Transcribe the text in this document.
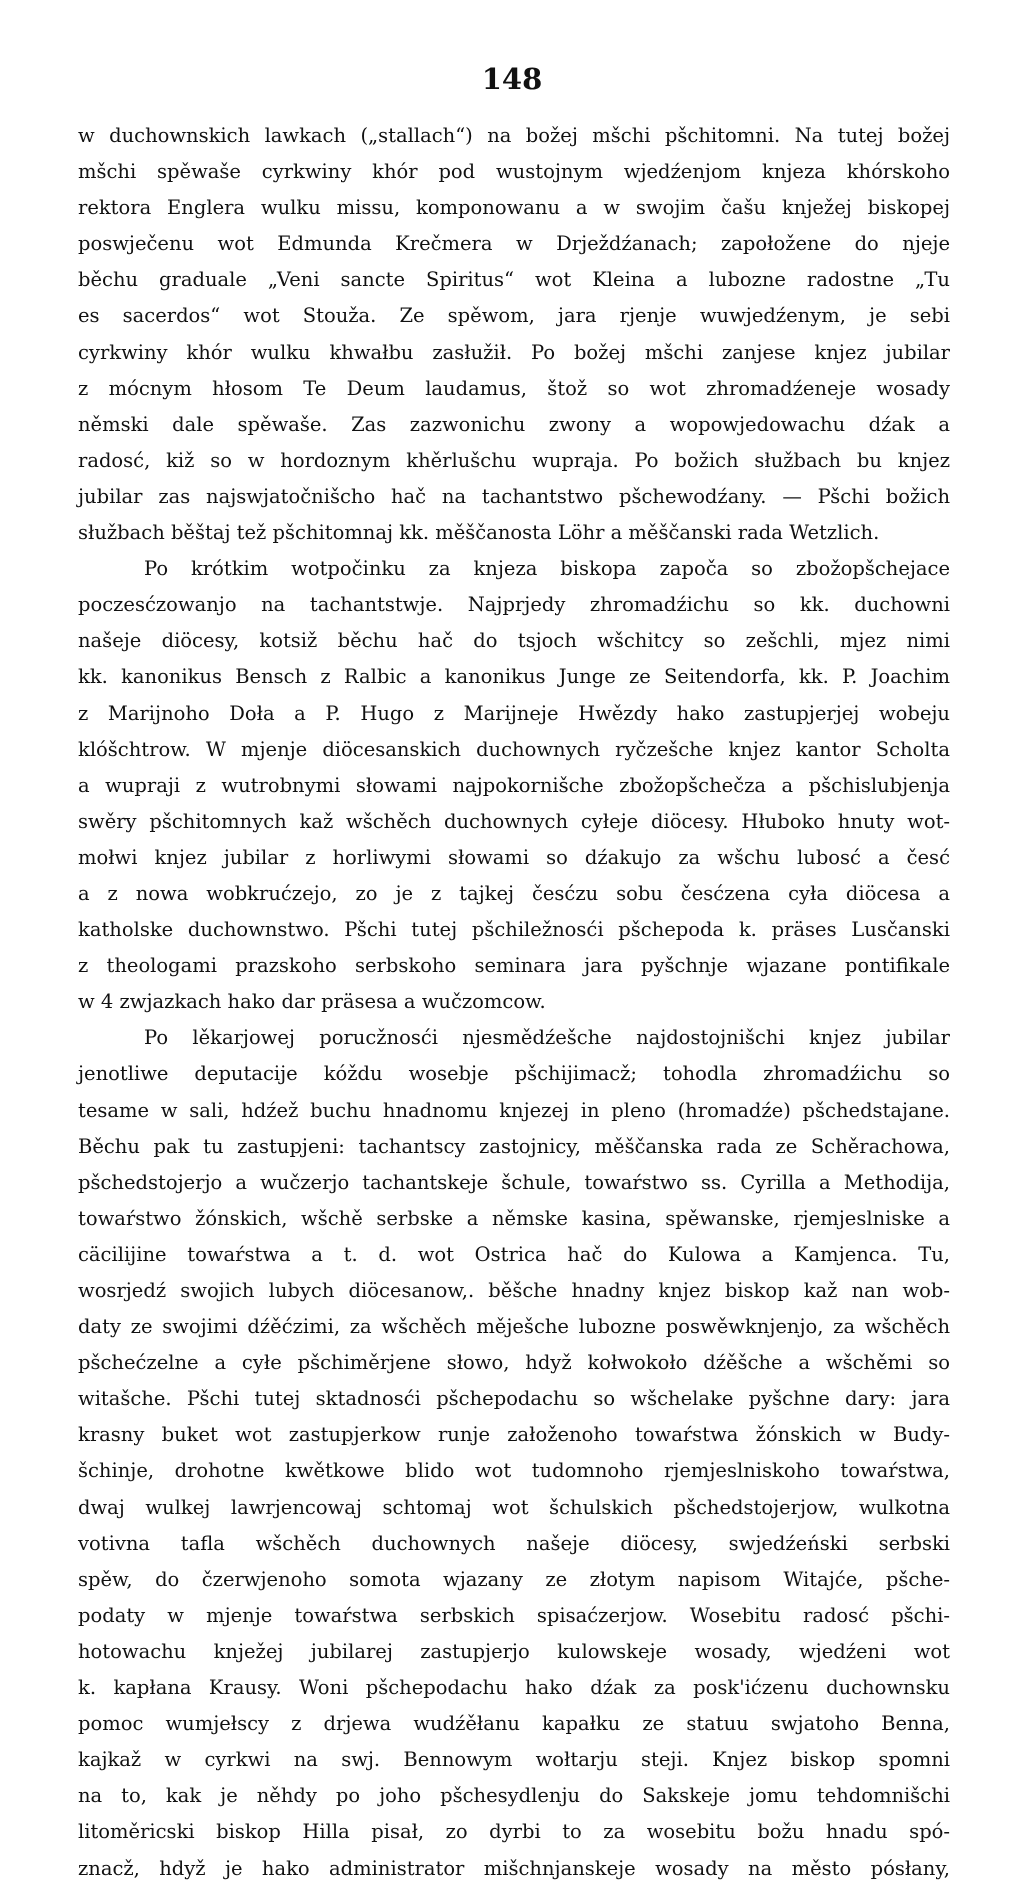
148
w duchownskich lawkach („stallach“) na božej mšchi pšchitomni. Na tutej božej
mšchi spěwaše cyrkwiny khór pod wustojnym wjedźenjom knjeza khórskoho
rektora Englera wulku missu, komponowanu a w swojim čašu knježej biskopej
poswječenu wot Edmunda Krečmera w Drježdźanach; zapołožene do njeje
běchu graduale „Veni sancte Spiritus“ wot Kleina a lubozne radostne „Tu
es sacerdos“ wot Stouža. Ze spěwom, jara rjenje wuwjedźenym, je sebi
cyrkwiny khór wulku khwałbu zasłužił. Po božej mšchi zanjese knjez jubilar
z mócnym hłosom Te Deum laudamus, štož so wot zhromadźeneje wosady
němski dale spěwaše. Zas zazwonichu zwony a wopowjedowachu dźak a
radosć, kiž so w hordoznym khěrlušchu wupraja. Po božich słužbach bu knjez
jubilar zas najswjatočnišcho hač na tachantstwo pšchewodźany. — Pšchi božich
słužbach běštaj tež pšchitomnaj kk. měščanosta Löhr a měščanski rada Wetzlich.
Po krótkim wotpočinku za knjeza biskopa započa so zbožopšchejace
poczesćzowanjo na tachantstwje. Najprjedy zhromadźichu so kk. duchowni
našeje diöcesy, kotsiž běchu hač do tsjoch wšchitcy so zešchli, mjez nimi
kk. kanonikus Bensch z Ralbic a kanonikus Junge ze Seitendorfa, kk. P. Joachim
z Marijnoho Doła a P. Hugo z Marijneje Hwězdy hako zastupjerjej wobeju
klóšchtrow. W mjenje diöcesanskich duchownych ryčzešche knjez kantor Scholta
a wupraji z wutrobnymi słowami najpokornišche zbožopšchečza a pšchislubjenja
swěry pšchitomnych kaž wšchěch duchownych cyłeje diöcesy. Hłuboko hnuty wot-
mołwi knjez jubilar z horliwymi słowami so dźakujo za wšchu lubosć a česć
a z nowa wobkrućzejo, zo je z tajkej česćzu sobu česćzena cyła diöcesa a
katholske duchownstwo. Pšchi tutej pšchiležnosći pšchepoda k. präses Lusčanski
z theologami prazskoho serbskoho seminara jara pyšchnje wjazane pontifikale
w 4 zwjazkach hako dar präsesa a wučzomcow.
Po lěkarjowej porucžnosći njesmědźešche najdostojnišchi knjez jubilar
jenotliwe deputacije kóždu wosebje pšchijimacž; tohodla zhromadźichu so
tesame w sali, hdźež buchu hnadnomu knjezej in pleno (hromadźe) pšchedstajane.
Běchu pak tu zastupjeni: tachantscy zastojnicy, měščanska rada ze Schěrachowa,
pšchedstojerjo a wučzerjo tachantskeje šchule, towaŕstwo ss. Cyrilla a Methodija,
towaŕstwo žónskich, wšchě serbske a němske kasina, spěwanske, rjemjeslniske a
cäcilijine towaŕstwa a t. d. wot Ostrica hač do Kulowa a Kamjenca. Tu,
wosrjedź swojich lubych diöcesanow,. běšche hnadny knjez biskop kaž nan wob-
daty ze swojimi dźěćzimi, za wšchěch měješche lubozne poswěwknjenjo, za wšchěch
pšchećzelne a cyłe pšchiměrjene słowo, hdyž kołwokoło dźěšche a wšchěmi so
witašche. Pšchi tutej sktadnosći pšchepodachu so wšchelake pyšchne dary: jara
krasny buket wot zastupjerkow runje załoženoho towaŕstwa žónskich w Budy-
šchinje, drohotne kwětkowe blido wot tudomnoho rjemjeslniskoho towaŕstwa,
dwaj wulkej lawrjencowaj schtomaj wot šchulskich pšchedstojerjow, wulkotna
votivna tafla wšchěch duchownych našeje diöcesy, swjedźeński serbski
spěw, do čzerwjenoho somota wjazany ze złotym napisom Witajće, pšche-
podaty w mjenje towaŕstwa serbskich spisaćzerjow. Wosebitu radosć pšchi-
hotowachu knježej jubilarej zastupjerjo kulowskeje wosady, wjedźeni wot
k. kapłana Krausy. Woni pšchepodachu hako dźak za posk'ićzenu duchownsku
pomoc wumjełscy z drjewa wudźěłanu kapałku ze statuu swjatoho Benna,
kajkaž w cyrkwi na swj. Bennowym wołtarju steji. Knjez biskop spomni
na to, kak je něhdy po joho pšchesydlenju do Sakskeje jomu tehdomnišchi
litoměricski biskop Hilla pisał, zo dyrbi to za wosebitu božu hnadu spó-
znacž, hdyž je hako administrator mišchnjanskeje wosady na město pósłany,
